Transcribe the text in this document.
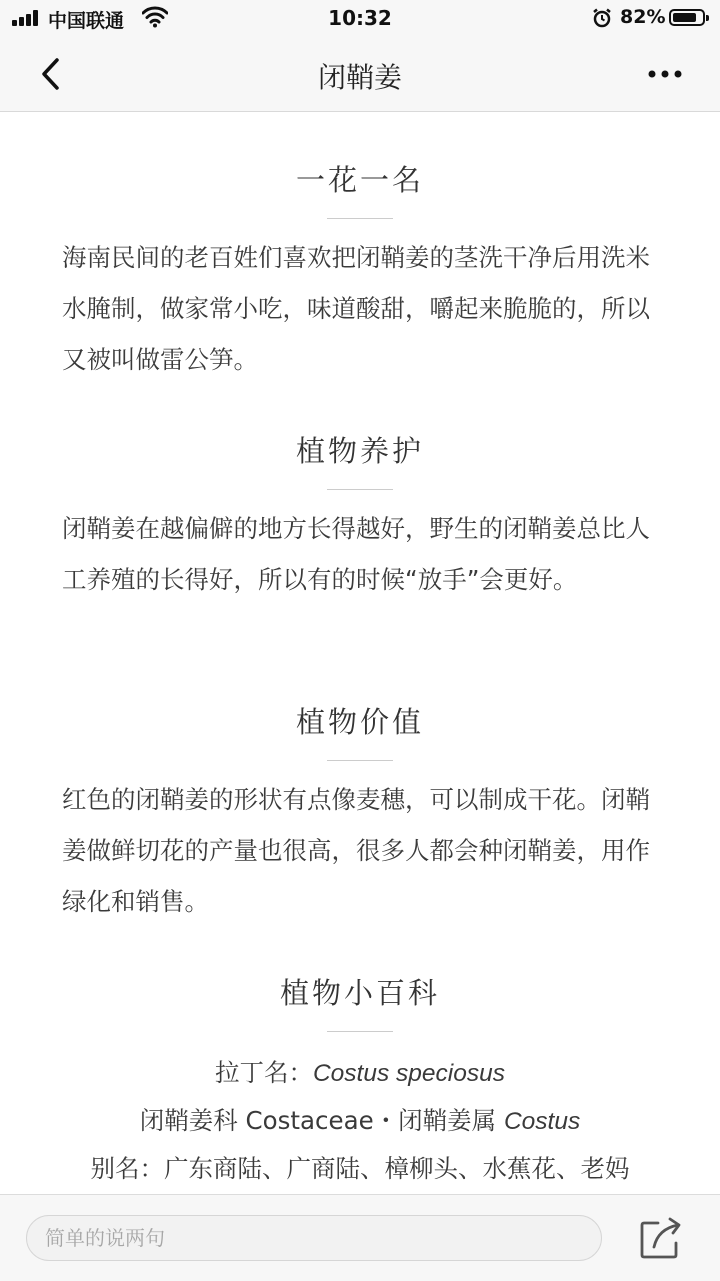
中国联通	10:32	82%
闭鞘姜
一花一名
海南民间的老百姓们喜欢把闭鞘姜的茎洗干净后用洗米水腌制，做家常小吃，味道酸甜，嚼起来脆脆的，所以又被叫做雷公笋。
植物养护
闭鞘姜在越偏僻的地方长得越好，野生的闭鞘姜总比人工养殖的长得好，所以有的时候“放手”会更好。
植物价值
红色的闭鞘姜的形状有点像麦穗，可以制成干花。闭鞘姜做鲜切花的产量也很高，很多人都会种闭鞘姜，用作绿化和销售。
植物小百科
拉丁名：Costus speciosus
闭鞘姜科 Costaceae・闭鞘姜属 Costus
别名：广东商陆、广商陆、樟柳头、水蕉花、老妈
简单的说两句
